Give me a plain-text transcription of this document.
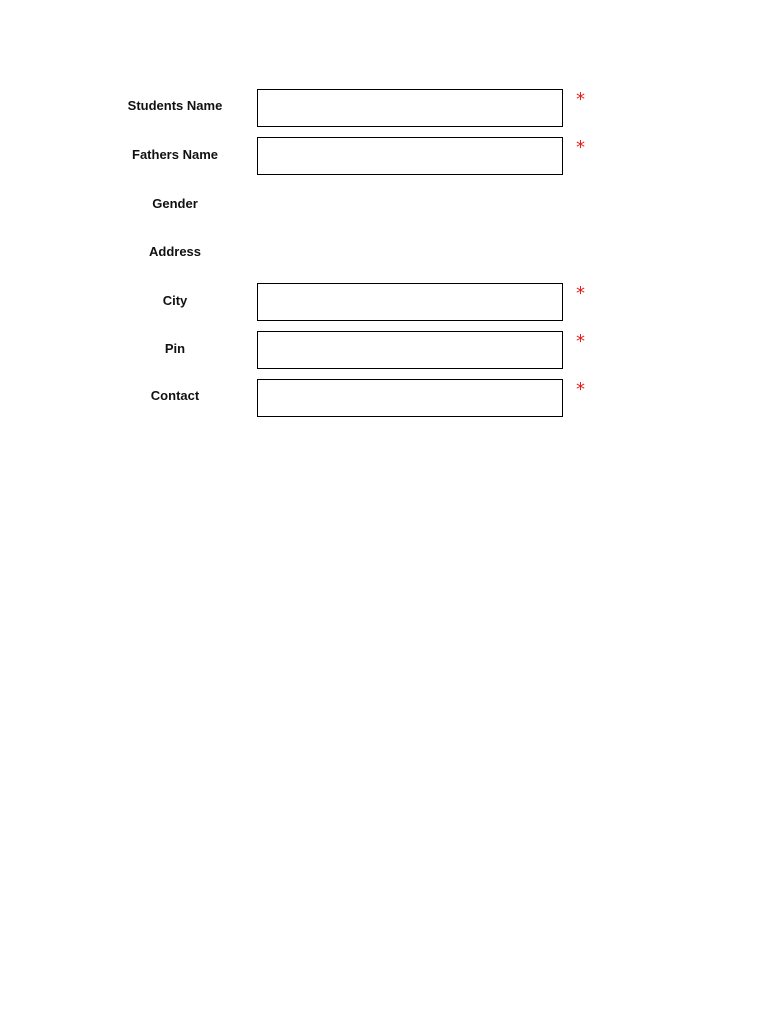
Students Name	*
Fathers Name	*
Gender
Address
City	*
Pin	*
Contact	*
